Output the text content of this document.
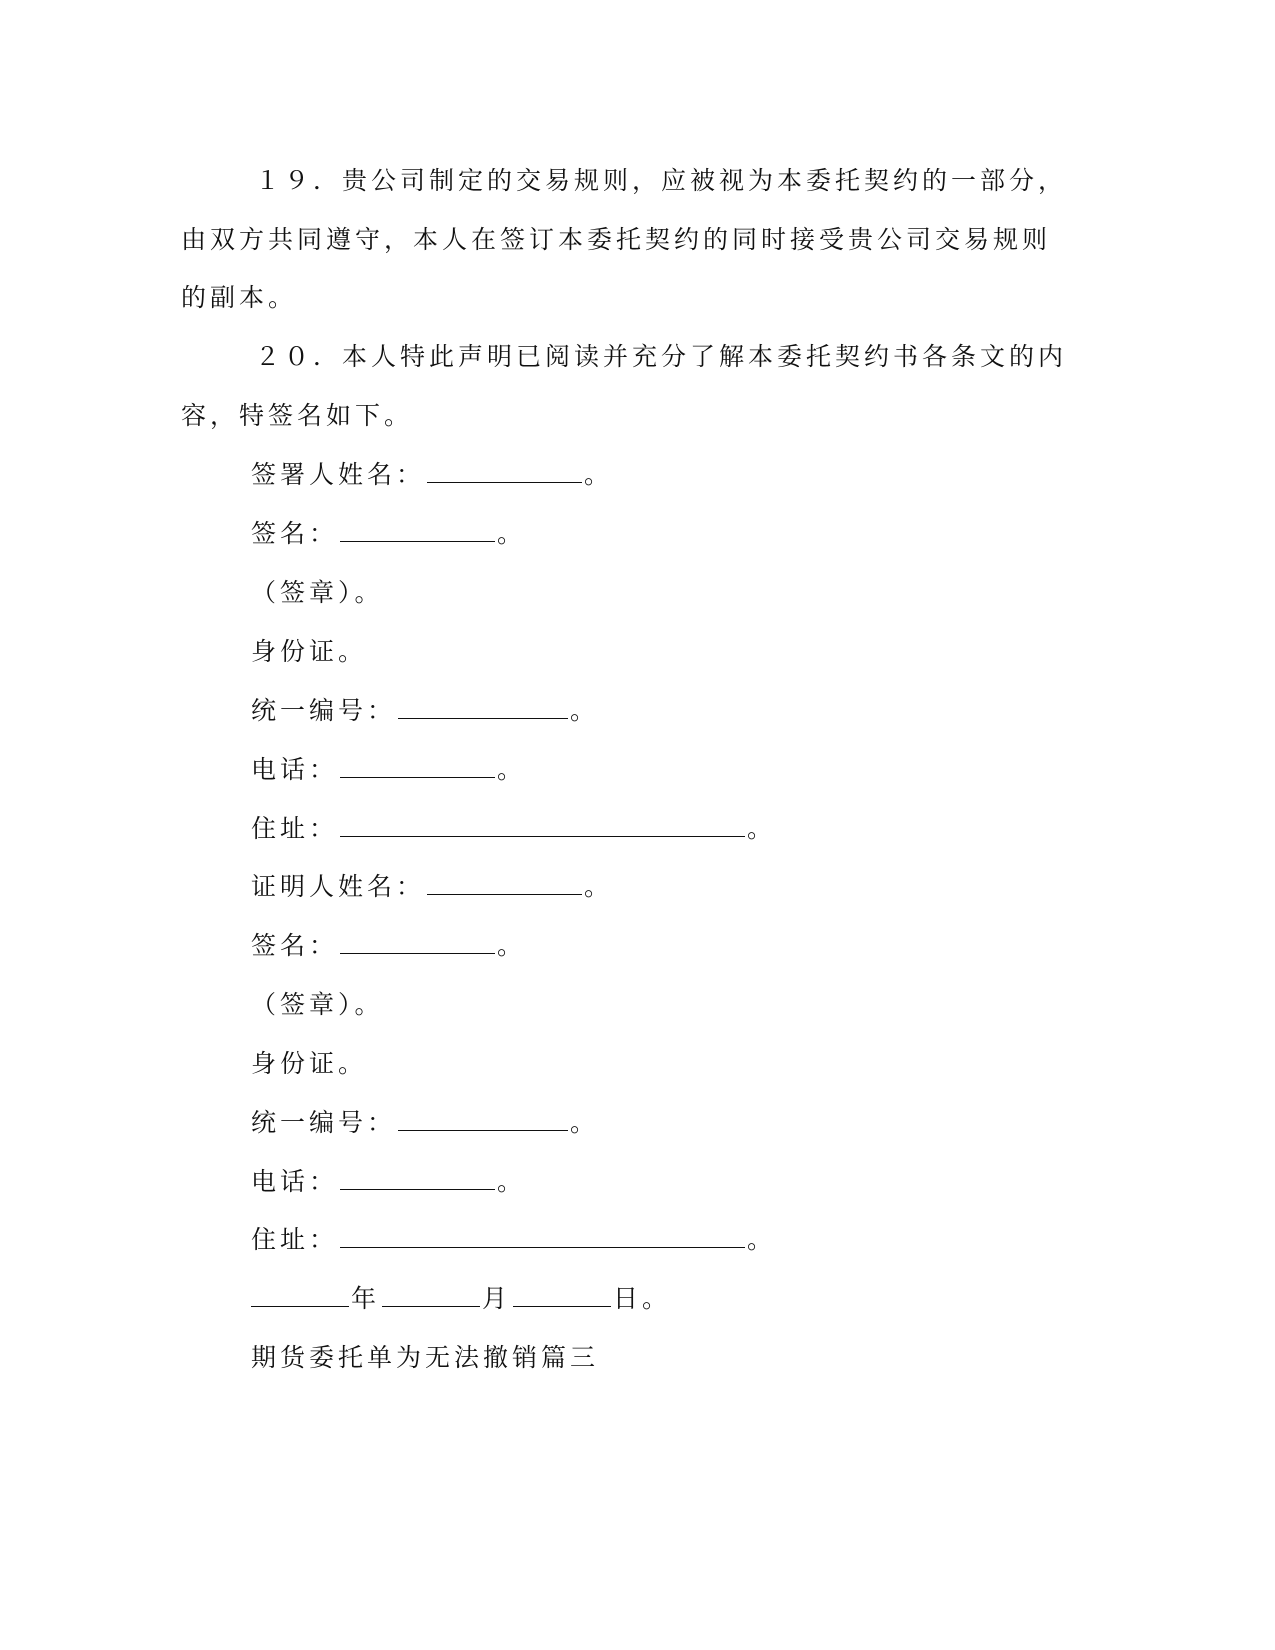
１９．贵公司制定的交易规则，应被视为本委托契约的一部分，
由双方共同遵守，本人在签订本委托契约的同时接受贵公司交易规则
的副本。
２０．本人特此声明已阅读并充分了解本委托契约书各条文的内
容，特签名如下。
签署人姓名：	。
签名：	。
（签章）。
身份证。
统一编号：	。
电话：	。
住址：	。
证明人姓名：	。
签名：	。
（签章）。
身份证。
统一编号：	。
电话：	。
住址：	。
年	月	日。
期货委托单为无法撤销篇三
